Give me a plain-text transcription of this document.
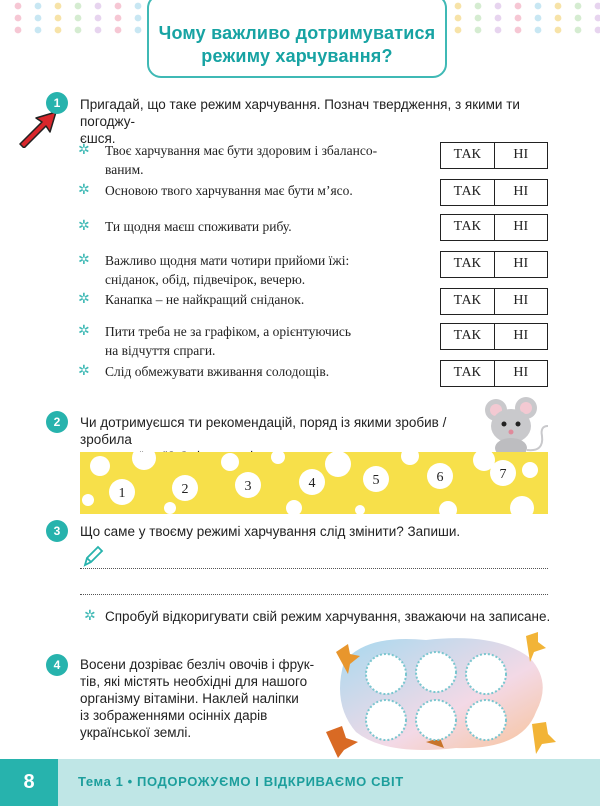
Чому важливо дотримуватися
режиму харчування?
1	Пригадай, що таке режим харчування. Познач твердження, з якими ти погоджу-
єшся.
✲ Твоє харчування має бути здоровим і збалансо-
ваним.
ТАК	НІ
✲ Основою твого харчування має бути м’ясо.	ТАК	НІ
✲ Ти щодня маєш споживати рибу.	ТАК	НІ
✲ Важливо щодня мати чотири прийоми їжі:
сніданок, обід, підвечірок, вечерю.
ТАК	НІ
✲ Канапка – не найкращий сніданок.	ТАК	НІ
✲ Пити треба не за графіком, а орієнтуючись
на відчуття спраги.
ТАК	НІ
✲ Слід обмежувати вживання солодощів.	ТАК	НІ
2	Чи дотримуєшся ти рекомендацій, поряд із якими зробив / зробила
1	2	3	4	5	6	7
3	Що саме у твоєму режимі харчування слід змінити? Запиши.
✲ Спробуй відкоригувати свій режим харчування, зважаючи на записане.
4	Восени дозріває безліч овочів і фрук-
тів, які містять необхідні для нашого
організму вітаміни. Наклей наліпки
із зображеннями осінніх дарів
української землі.
8	Тема 1 • ПОДОРОЖУЄМО І ВІДКРИВАЄМО СВІТ
